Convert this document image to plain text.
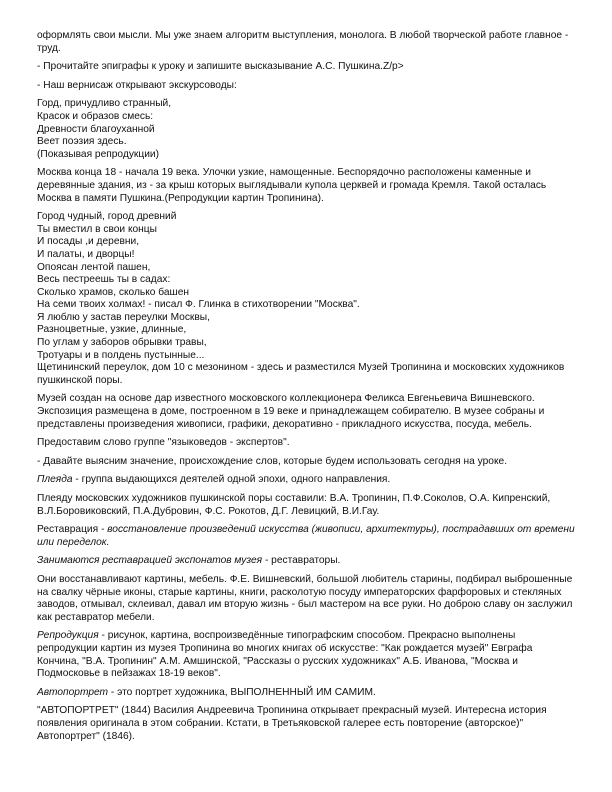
оформлять свои мысли. Мы уже знаем алгоритм выступления, монолога. В любой творческой работе главное - труд.

- Прочитайте эпиграфы к уроку и запишите высказывание А.С. Пушкина.Z/p>

- Наш вернисаж открывают экскурсоводы:

Горд, причудливо странный,
Красок и образов смесь:
Древности благоуханной
Веет поэзия здесь.
(Показывая репродукции)

Москва конца 18 - начала 19 века. Улочки узкие, намощенные. Беспорядочно расположены каменные и деревянные здания, из - за крыш которых выглядывали купола церквей и громада Кремля. Такой осталась Москва в памяти Пушкина.(Репродукции картин Тропинина).

Город чудный, город древний
Ты вместил в свои концы
И посады ,и деревни,
И палаты, и дворцы!
Опоясан лентой пашен,
Весь пестреешь ты в садах:
Сколько храмов, сколько башен
На семи твоих холмах! - писал Ф. Глинка в стихотворении "Москва".
Я люблю у застав переулки Москвы,
Разноцветные, узкие, длинные,
По углам у заборов обрывки травы,
Тротуары и в полдень пустынные...
Щетининский переулок, дом 10 с мезонином - здесь и разместился Музей Тропинина и московских художников пушкинской поры.

Музей создан на основе дар известного московского коллекционера Феликса Евгеньевича Вишневского. Экспозиция размещена в доме, построенном в 19 веке и принадлежащем собирателю. В музее собраны и представлены произведения живописи, графики, декоративно - прикладного искусства, посуда, мебель.

Предоставим слово группе "языковедов - экспертов".

- Давайте выясним значение, происхождение слов, которые будем использовать сегодня на уроке.

Плеяда - группа выдающихся деятелей одной эпохи, одного направления.

Плеяду московских художников пушкинской поры составили: В.А. Тропинин, П.Ф.Соколов, О.А. Кипренский, В.Л.Боровиковский, П.А.Дубровин, Ф.С. Рокотов, Д.Г. Левицкий, В.И.Гау.

Реставрация - восстановление произведений искусства (живописи, архитектуры), пострадавших от времени или переделок.

Занимаются реставрацией экспонатов музея - реставраторы.

Они восстанавливают картины, мебель. Ф.Е. Вишневский, большой любитель старины, подбирал выброшенные на свалку чёрные иконы, старые картины, книги, расколотую посуду императорских фарфоровых и стекляных заводов, отмывал, склеивал, давал им вторую жизнь - был мастером на все руки. Но доброю славу он заслужил как реставратор мебели.

Репродукция - рисунок, картина, воспроизведённые типографским способом. Прекрасно выполнены репродукции картин из музея Тропинина во многих книгах об искусстве: "Как рождается музей" Евграфа Кончина, "В.А. Тропинин" А.М. Амшинской, "Рассказы о русских художниках" А.Б. Иванова, "Москва и Подмосковье в пейзажах 18-19 веков".

Автопортрет - это портрет художника, ВЫПОЛНЕННЫЙ ИМ САМИМ.

"АВТОПОРТРЕТ" (1844) Василия Андреевича Тропинина открывает прекрасный музей. Интересна история появления оригинала в этом собрании. Кстати, в Третьяковской галерее есть повторение (авторское)" Автопортрет" (1846).
